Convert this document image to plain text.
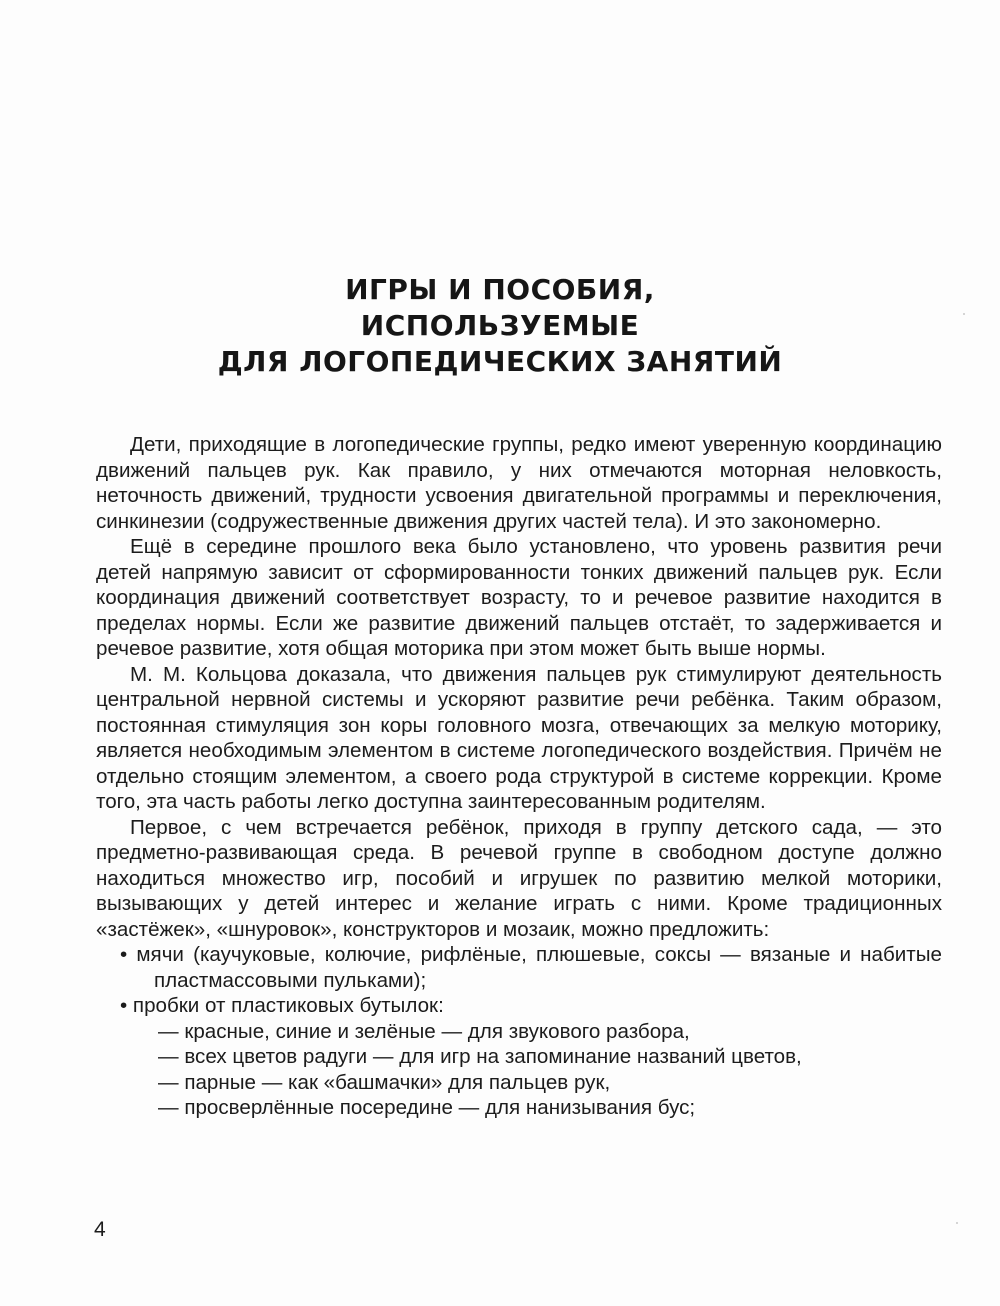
ИГРЫ И ПОСОБИЯ,
ИСПОЛЬЗУЕМЫЕ
ДЛЯ ЛОГОПЕДИЧЕСКИХ ЗАНЯТИЙ

Дети, приходящие в логопедические группы, редко имеют уверенную координацию движений пальцев рук. Как правило, у них отмечаются моторная неловкость, неточность движений, трудности усвоения двигательной программы и переключения, синкинезии (содружественные движения других частей тела). И это закономерно.

Ещё в середине прошлого века было установлено, что уровень развития речи детей напрямую зависит от сформированности тонких движений пальцев рук. Если координация движений соответствует возрасту, то и речевое развитие находится в пределах нормы. Если же развитие движений пальцев отстаёт, то задерживается и речевое развитие, хотя общая моторика при этом может быть выше нормы.

М. М. Кольцова доказала, что движения пальцев рук стимулируют деятельность центральной нервной системы и ускоряют развитие речи ребёнка. Таким образом, постоянная стимуляция зон коры головного мозга, отвечающих за мелкую моторику, является необходимым элементом в системе логопедического воздействия. Причём не отдельно стоящим элементом, а своего рода структурой в системе коррекции. Кроме того, эта часть работы легко доступна заинтересованным родителям.

Первое, с чем встречается ребёнок, приходя в группу детского сада, — это предметно-развивающая среда. В речевой группе в свободном доступе должно находиться множество игр, пособий и игрушек по развитию мелкой моторики, вызывающих у детей интерес и желание играть с ними. Кроме традиционных «застёжек», «шнуровок», конструкторов и мозаик, можно предложить:

• мячи (каучуковые, колючие, рифлёные, плюшевые, соксы — вязаные и набитые пластмассовыми пульками);

• пробки от пластиковых бутылок:

— красные, синие и зелёные — для звукового разбора,
— всех цветов радуги — для игр на запоминание названий цветов,
— парные — как «башмачки» для пальцев рук,
— просверлённые посередине — для нанизывания бус;
4
